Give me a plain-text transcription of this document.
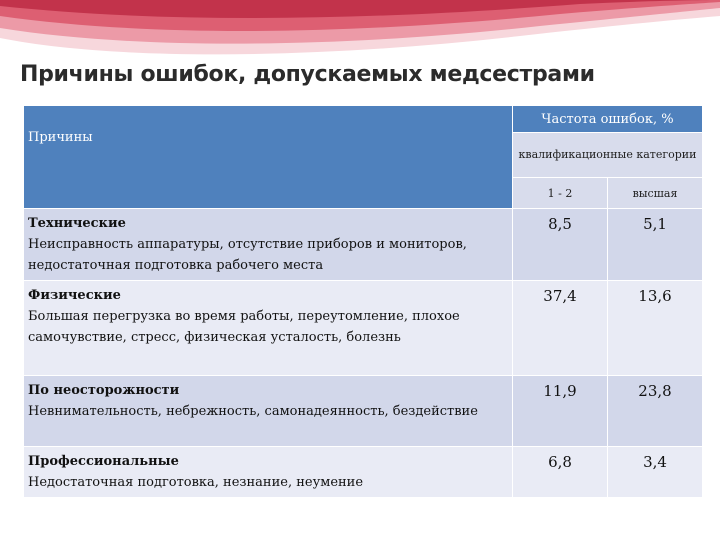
Причины ошибок, допускаемых медсестрами
Причины	Частота ошибок, %	
	квалификационные категории	
	1 - 2	высшая
Технические
Неисправность аппаратуры, отсутствие приборов и мониторов, недостаточная подготовка рабочего места	8,5	5,1
Физические
Большая перегрузка во время работы, переутомление, плохое самочувствие, стресс, физическая усталость, болезнь	37,4	13,6
По неосторожности
Невнимательность, небрежность, самонадеянность, бездействие	11,9	23,8
Профессиональные
Недостаточная подготовка, незнание, неумение	6,8	3,4
